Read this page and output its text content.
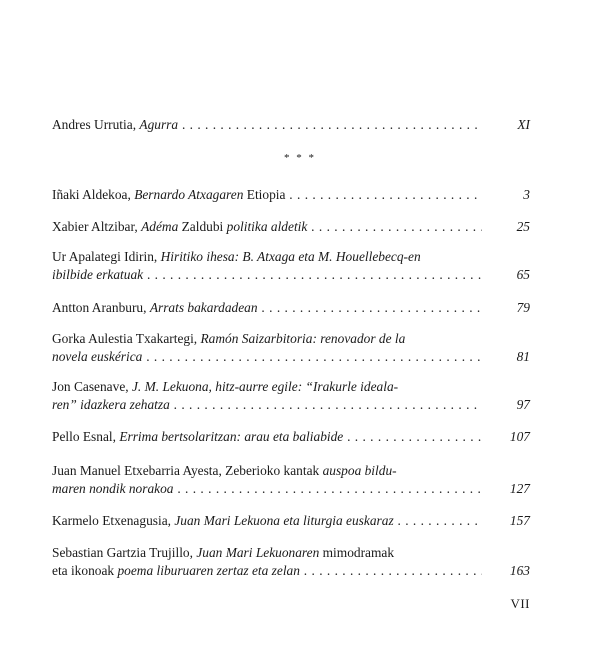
* * *
Andres Urrutia, Agurra . . .	XI
Iñaki Aldekoa, Bernardo Atxagaren Etiopia . . .	3
Xabier Altzibar, Adéma Zaldubi politika aldetik . . .	25
Ur Apalategi Idirin, Hiritiko ihesa: B. Atxaga eta M. Houellebecq-en
ibilbide erkatuak . . .	65
Antton Aranburu, Arrats bakardadean . . .	79
Gorka Aulestia Txakartegi, Ramón Saizarbitoria: renovador de la
novela euskérica . . .	81
Jon Casenave, J. M. Lekuona, hitz-aurre egile: “Irakurle ideala-
ren” idazkera zehatza . . .	97
Pello Esnal, Errima bertsolaritzan: arau eta baliabide . . .	107
Juan Manuel Etxebarria Ayesta, Zeberioko kantak auspoa bildu-
maren nondik norakoa . . .	127
Karmelo Etxenagusia, Juan Mari Lekuona eta liturgia euskaraz . . .	157
Sebastian Gartzia Trujillo, Juan Mari Lekuonaren mimodramak
eta ikonoak poema liburuaren zertaz eta zelan . . .	163
VII
